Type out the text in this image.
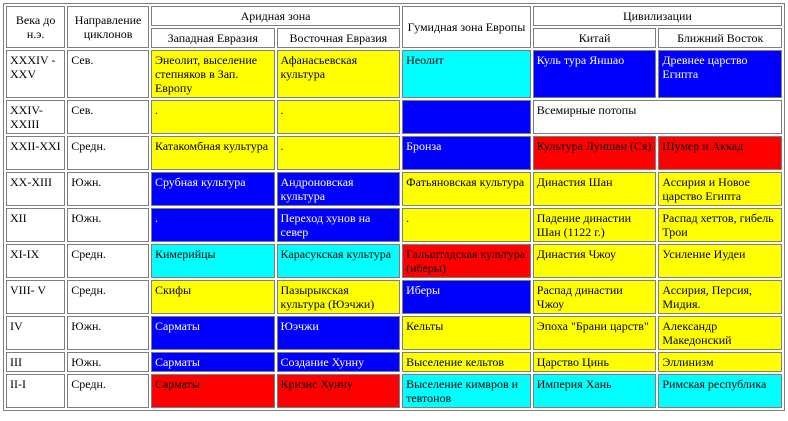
Века до н.э.	Направление циклонов	Аридная зона		Гумидная зона Европы	Цивилизации	
		Западная Евразия	Восточная Евразия		Китай	Ближний Восток
XXXIV - XXV	Сев.	Энеолит, высeление степняков в Зап. Европу	Афанасьевская культура	Неолит	Куль тура Яншао	Древнее царство Египта
XXIV-XXIII	Сев.	.	.		Всемирные потопы	
XXII-XXI	Средн.	Катакомбная культура	.	Бронза	Культура Луншан (Ся)	Шумер и Аккад
XX-XIII	Южн.	Срубная культура	Андроновская культура	Фатьяновская культура	Династия Шан	Ассирия и Новое царство Египта
XII	Южн.	.	Переход хунов на север	.	Падение династии Шан (1122 г.)	Распад хеттов, гибель Трои
XI-IX	Средн.	Кимерийцы	Карасукская культура	Гальштадская культура (иберы)	Династия Чжоу	Усиление Иудеи
VIII- V	Средн.	Скифы	Пазырыкская культура (Юэчжи)	Иберы	Распад династии Чжоу	Ассирия, Персия, Мидия.
IV	Южн.	Сарматы	Юэчжи	Кельты	Эпоха "Брани царств"	Александр Македонский
III	Южн.	Сарматы	Создание Хунну	Выселение кельтов	Царство Цинь	Эллинизм
II-I	Средн.	Сарматы	Кризис Хунну	Выселение кимвров и тевтонов	Империя Хань	Римская республика
